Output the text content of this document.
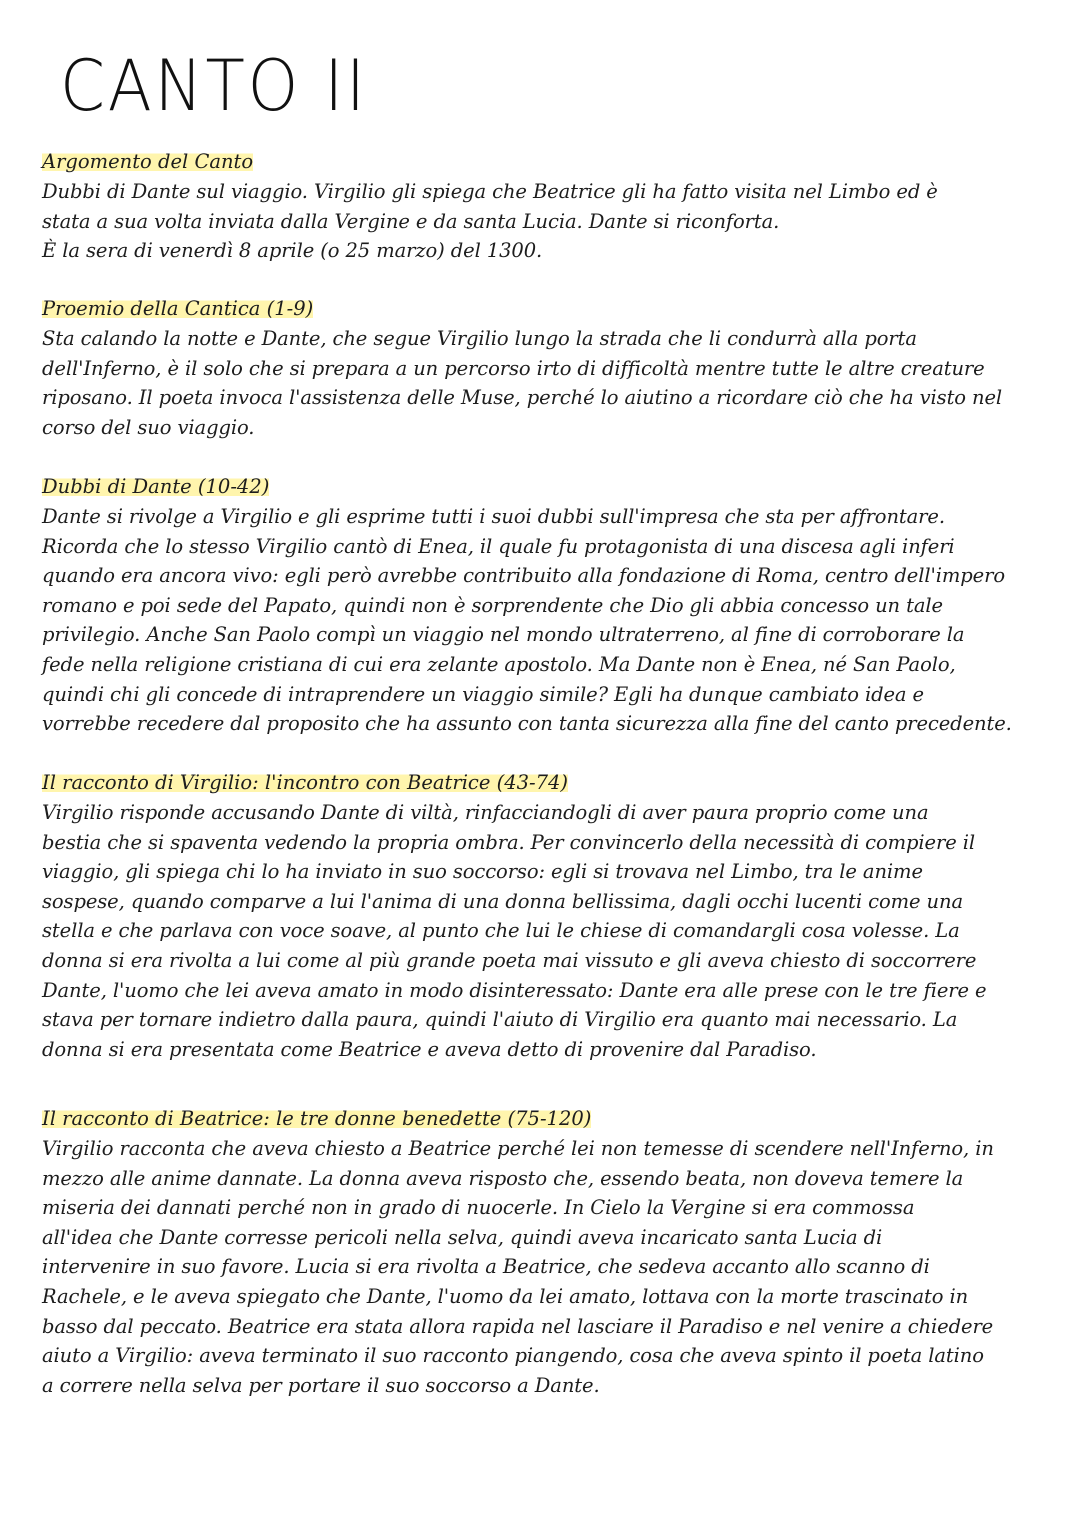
CANTO II
Argomento del Canto
Dubbi di Dante sul viaggio. Virgilio gli spiega che Beatrice gli ha fatto visita nel Limbo ed è
stata a sua volta inviata dalla Vergine e da santa Lucia. Dante si riconforta.
È la sera di venerdì 8 aprile (o 25 marzo) del 1300.
Proemio della Cantica (1-9)
Sta calando la notte e Dante, che segue Virgilio lungo la strada che li condurrà alla porta
dell'Inferno, è il solo che si prepara a un percorso irto di difficoltà mentre tutte le altre creature
riposano. Il poeta invoca l'assistenza delle Muse, perché lo aiutino a ricordare ciò che ha visto nel
corso del suo viaggio.
Dubbi di Dante (10-42)
Dante si rivolge a Virgilio e gli esprime tutti i suoi dubbi sull'impresa che sta per affrontare.
Ricorda che lo stesso Virgilio cantò di Enea, il quale fu protagonista di una discesa agli inferi
quando era ancora vivo: egli però avrebbe contribuito alla fondazione di Roma, centro dell'impero
romano e poi sede del Papato, quindi non è sorprendente che Dio gli abbia concesso un tale
privilegio. Anche San Paolo compì un viaggio nel mondo ultraterreno, al fine di corroborare la
fede nella religione cristiana di cui era zelante apostolo. Ma Dante non è Enea, né San Paolo,
quindi chi gli concede di intraprendere un viaggio simile? Egli ha dunque cambiato idea e
vorrebbe recedere dal proposito che ha assunto con tanta sicurezza alla fine del canto precedente.
Il racconto di Virgilio: l'incontro con Beatrice (43-74)
Virgilio risponde accusando Dante di viltà, rinfacciandogli di aver paura proprio come una
bestia che si spaventa vedendo la propria ombra. Per convincerlo della necessità di compiere il
viaggio, gli spiega chi lo ha inviato in suo soccorso: egli si trovava nel Limbo, tra le anime
sospese, quando comparve a lui l'anima di una donna bellissima, dagli occhi lucenti come una
stella e che parlava con voce soave, al punto che lui le chiese di comandargli cosa volesse. La
donna si era rivolta a lui come al più grande poeta mai vissuto e gli aveva chiesto di soccorrere
Dante, l'uomo che lei aveva amato in modo disinteressato: Dante era alle prese con le tre fiere e
stava per tornare indietro dalla paura, quindi l'aiuto di Virgilio era quanto mai necessario. La
donna si era presentata come Beatrice e aveva detto di provenire dal Paradiso.
Il racconto di Beatrice: le tre donne benedette (75-120)
Virgilio racconta che aveva chiesto a Beatrice perché lei non temesse di scendere nell'Inferno, in
mezzo alle anime dannate. La donna aveva risposto che, essendo beata, non doveva temere la
miseria dei dannati perché non in grado di nuocerle. In Cielo la Vergine si era commossa
all'idea che Dante corresse pericoli nella selva, quindi aveva incaricato santa Lucia di
intervenire in suo favore. Lucia si era rivolta a Beatrice, che sedeva accanto allo scanno di
Rachele, e le aveva spiegato che Dante, l'uomo da lei amato, lottava con la morte trascinato in
basso dal peccato. Beatrice era stata allora rapida nel lasciare il Paradiso e nel venire a chiedere
aiuto a Virgilio: aveva terminato il suo racconto piangendo, cosa che aveva spinto il poeta latino
a correre nella selva per portare il suo soccorso a Dante.
